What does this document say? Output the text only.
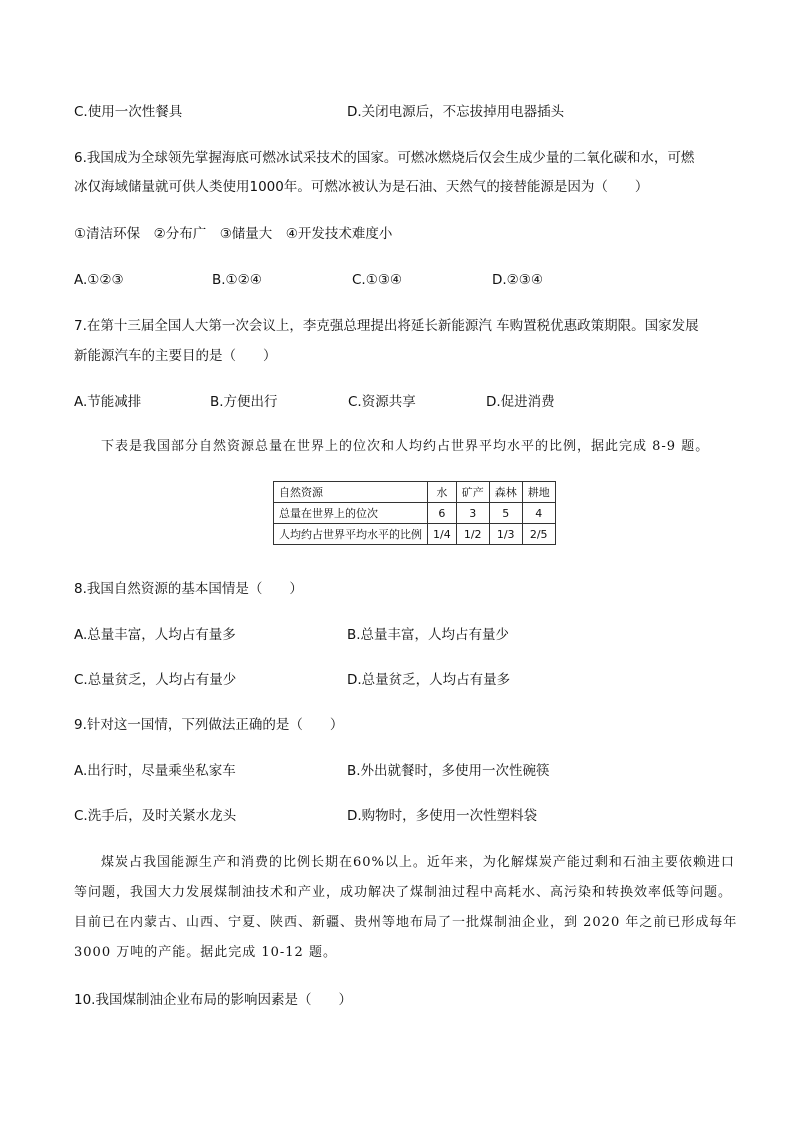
C.使用一次性餐具	D.关闭电源后，不忘拔掉用电器插头
6.我国成为全球领先掌握海底可燃冰试采技术的国家。可燃冰燃烧后仅会生成少量的二氧化碳和水，可燃
冰仅海域储量就可供人类使用1000年。可燃冰被认为是石油、天然气的接替能源是因为（　　）
①清洁环保　②分布广　③储量大　④开发技术难度小
A.①②③	B.①②④	C.①③④	D.②③④
7.在第十三届全国人大第一次会议上，李克强总理提出将延长新能源汽 车购置税优惠政策期限。国家发展
新能源汽车的主要目的是（　　）
A.节能减排	B.方便出行	C.资源共享	D.促进消费
下表是我国部分自然资源总量在世界上的位次和人均约占世界平均水平的比例，据此完成 8-9 题。
自然资源	水	矿产	森林	耕地
总量在世界上的位次	6	3	5	4
人均约占世界平均水平的比例	1/4	1/2	1/3	2/5
8.我国自然资源的基本国情是（　　）
A.总量丰富，人均占有量多	B.总量丰富，人均占有量少
C.总量贫乏，人均占有量少	D.总量贫乏，人均占有量多
9.针对这一国情，下列做法正确的是（　　）
A.出行时，尽量乘坐私家车	B.外出就餐时，多使用一次性碗筷
C.洗手后，及时关紧水龙头	D.购物时，多使用一次性塑料袋
煤炭占我国能源生产和消费的比例长期在60%以上。近年来，为化解煤炭产能过剩和石油主要依赖进口
等问题，我国大力发展煤制油技术和产业，成功解决了煤制油过程中高耗水、高污染和转换效率低等问题。
目前已在内蒙古、山西、宁夏、陕西、新疆、贵州等地布局了一批煤制油企业，到 2020 年之前已形成每年
3000 万吨的产能。据此完成 10-12 题。
10.我国煤制油企业布局的影响因素是（　　）
